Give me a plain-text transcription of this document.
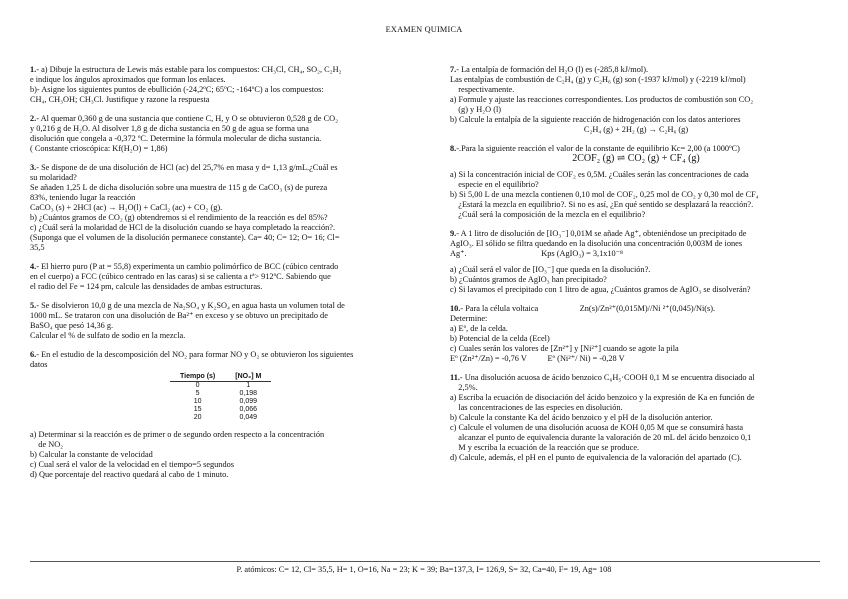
EXAMEN QUIMICA

1.- a) Dibuje la estructura de Lewis más estable para los compuestos: CH₃Cl, CH₄, SO₂, C₂H₂

e indique los ángulos aproximados que forman los enlaces.

b)- Asigne los siguientes puntos de ebullición (-24,2ºC; 65ºC; -164ºC) a los compuestos:

CH₄, CH₃OH; CH₃Cl. Justifique y razone la respuesta

2.- Al quemar 0,360 g de una sustancia que contiene C, H, y O se obtuvieron 0,528 g de CO₂

y 0,216 g de H₂O. Al disolver 1,8 g de dicha sustancia en 50 g de agua se forma una

disolución que congela a -0,372 ºC. Determine la fórmula molecular de dicha sustancia.

( Constante crioscópica: Kf(H₂O) = 1,86)

3.- Se dispone de de una disolución de HCl (ac) del 25,7% en masa y d= 1,13 g/mL.¿Cuál es

su molaridad?

Se añaden 1,25 L de dicha disolución sobre una muestra de 115 g de CaCO₃ (s) de pureza

83%, teniendo lugar la reacción

CaCO₃ (s) + 2HCl (ac) → H₂O(l) + CaCl₂ (ac) + CO₂ (g).

b) ¿Cuántos gramos de CO₂ (g) obtendremos si el rendimiento de la reacción es del 85%?

c) ¿Cuál será la molaridad de HCl de la disolución cuando se haya completado la reacción?.

(Suponga que el volumen de la disolución permanece constante). Ca= 40; C= 12; O= 16; Cl=

35,5

4.- El hierro puro (P at = 55,8) experimenta un cambio polimórfico de BCC (cúbico centrado

en el cuerpo) a FCC (cúbico centrado en las caras) si se calienta a tª> 912ºC. Sabiendo que

el radio del Fe = 124 pm, calcule las densidades de ambas estructuras.

5.- Se disolvieron 10,0 g de una mezcla de Na₂SO₄ y K₂SO₄ en agua hasta un volumen total de

1000 mL. Se trataron con una disolución de Ba²⁺ en exceso y se obtuvo un precipitado de

BaSO₄ que pesó 14,36 g.

Calcular el % de sulfato de sodio en la mezcla.

6.- En el estudio de la descomposición del NO₂ para formar NO y O₂ se obtuvieron los siguientes

datos

Tiempo (s)	[NO₂] M
0	1
5	0,198
10	0,099
15	0,066
20	0,049

a) Determinar si la reacción es de primer o de segundo orden respecto a la concentración

de NO₂

b) Calcular la constante de velocidad

c) Cual será el valor de la velocidad en el tiempo=5 segundos

d) Que porcentaje del reactivo quedará al cabo de 1 minuto.

7.- La entalpía de formación del H₂O (l) es (-285,8 kJ/mol).

Las entalpías de combustión de C₂H₄ (g) y C₂H₆ (g) son (-1937 kJ/mol) y (-2219 kJ/mol)

respectivamente.

a) Formule y ajuste las reacciones correspondientes. Los productos de combustión son CO₂

(g) y H₂O (l)

b) Calcule la entalpía de la siguiente reacción de hidrogenación con los datos anteriores

C₂H₄ (g) + 2H₂ (g) → C₂H₆ (g)

8.-.Para la siguiente reacción el valor de la constante de equilibrio Kc= 2,00 (a 1000ºC)

2COF₂ (g) ⇌ CO₂ (g) + CF₄ (g)

a) Si la concentración inicial de COF₂ es 0,5M. ¿Cuáles serán las concentraciones de cada

especie en el equilibrio?

b) Si 5,00 L de una mezcla contienen 0,10 mol de COF₂, 0,25 mol de CO₂ y 0,30 mol de CF₄

¿Estará la mezcla en equilibrio?. Si no es así, ¿En qué sentido se desplazará la reacción?.

¿Cuál será la composición de la mezcla en el equilibrio?

9.- A 1 litro de disolución de [IO₃⁻] 0,01M se añade Ag⁺, obteniéndose un precipitado de

AgIO₃. El sólido se filtra quedando en la disolución una concentración 0,003M de iones

Ag⁺.                                    Kps (AgIO₃) = 3,1x10⁻⁸

a) ¿Cuál será el valor de [IO₃⁻] que queda en la disolución?.

b) ¿Cuántos gramos de AgIO₃ han precipitado?

c) Si lavamos el precipitado con 1 litro de agua, ¿Cuántos gramos de AgIO₃ se disolverán?

10.- Para la célula voltaica                    Zn(s)/Zn²⁺(0,015M)//Ni ²⁺(0,045)/Ni(s).

Determine:

a) Eº, de la celda.

b) Potencial de la celda (Ecel)

c) Cuales serán los valores de [Zn²⁺] y [Ni²⁺] cuando se agote la pila

Eº (Zn²⁺/Zn) = -0,76 V          Eº (Ni²⁺/ Ni) = -0,28 V

11.- Una disolución acuosa de ácido benzoico C₆H₅·COOH 0,1 M se encuentra disociado al

2,5%.

a) Escriba la ecuación de disociación del ácido benzoico y la expresión de Ka en función de

las concentraciones de las especies en disolución.

b) Calcule la constante Ka del ácido benzoico y el pH de la disolución anterior.

c) Calcule el volumen de una disolución acuosa de KOH 0,05 M que se consumirá hasta

alcanzar el punto de equivalencia durante la valoración de 20 mL del ácido benzoico 0,1

M y escriba la ecuación de la reacción que se produce.

d) Calcule, además, el pH en el punto de equivalencia de la valoración del apartado (C).

P. atómicos: C= 12, Cl= 35,5, H= 1, O=16, Na = 23; K = 39; Ba=137,3, I= 126,9, S= 32, Ca=40, F= 19, Ag= 108
